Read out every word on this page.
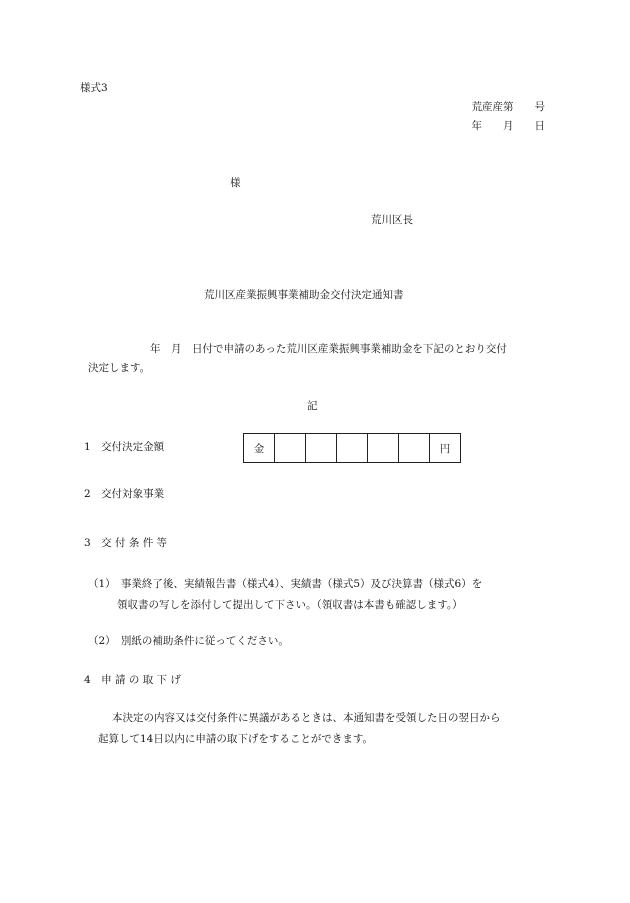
様式3
荒産産第　　号
年　　月　　日
様
荒川区長
荒川区産業振興事業補助金交付決定通知書
年　月　日付で申請のあった荒川区産業振興事業補助金を下記のとおり交付
決定します。
記
1　交付決定金額	金	円
2　交付対象事業
3　交 付 条 件 等
（1）　事業終了後、実績報告書（様式4）、実績書（様式5）及び決算書（様式6）を
領収書の写しを添付して提出して下さい。（領収書は本書も確認します。）
（2）　別紙の補助条件に従ってください。
4　申 請 の 取 下 げ
本決定の内容又は交付条件に異議があるときは、本通知書を受領した日の翌日から
起算して14日以内に申請の取下げをすることができます。
